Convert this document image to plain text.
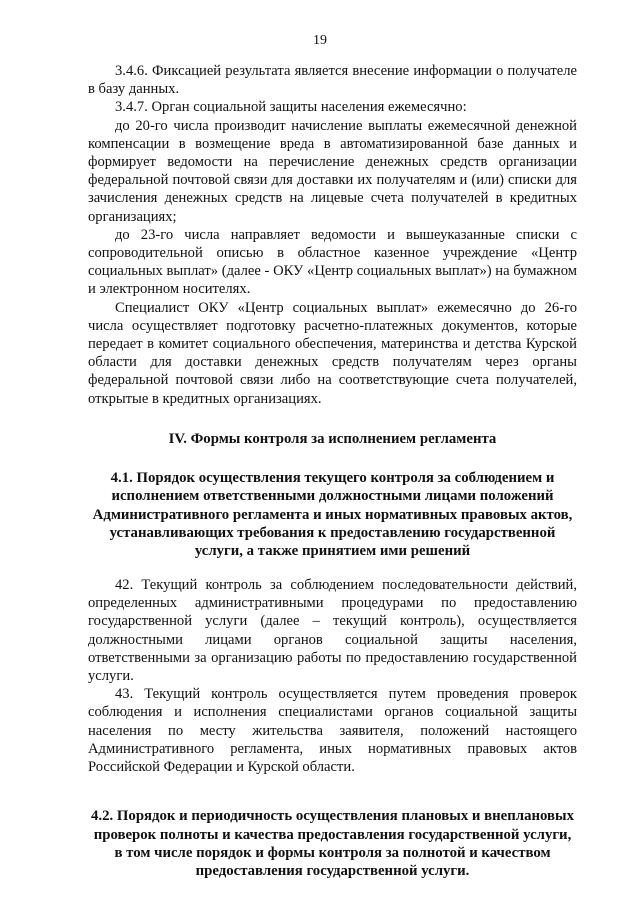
19

3.4.6. Фиксацией результата является внесение информации о получателе в базу данных.

3.4.7. Орган социальной защиты населения ежемесячно:

до 20-го числа производит начисление выплаты ежемесячной денежной компенсации в возмещение вреда в автоматизированной базе данных и формирует ведомости на перечисление денежных средств организации федеральной почтовой связи для доставки их получателям и (или) списки для зачисления денежных средств на лицевые счета получателей в кредитных организациях;

до 23-го числа направляет ведомости и вышеуказанные списки с сопроводительной описью в областное казенное учреждение «Центр социальных выплат» (далее - ОКУ «Центр социальных выплат») на бумажном и электронном носителях.

Специалист ОКУ «Центр социальных выплат» ежемесячно до 26-го числа осуществляет подготовку расчетно-платежных документов, которые передает в комитет социального обеспечения, материнства и детства Курской области для доставки денежных средств получателям через органы федеральной почтовой связи либо на соответствующие счета получателей, открытые в кредитных организациях.

IV. Формы контроля за исполнением регламента
4.1. Порядок осуществления текущего контроля за соблюдением и исполнением ответственными должностными лицами положений Административного регламента и иных нормативных правовых актов, устанавливающих требования к предоставлению государственной услуги, а также принятием ими решений

42. Текущий контроль за соблюдением последовательности действий, определенных административными процедурами по предоставлению государственной услуги (далее – текущий контроль), осуществляется должностными лицами органов социальной защиты населения, ответственными за организацию работы по предоставлению государственной услуги.

43. Текущий контроль осуществляется путем проведения проверок соблюдения и исполнения специалистами органов социальной защиты населения по месту жительства заявителя, положений настоящего Административного регламента, иных нормативных правовых актов Российской Федерации и Курской области.

4.2. Порядок и периодичность осуществления плановых и внеплановых проверок полноты и качества предоставления государственной услуги, в том числе порядок и формы контроля за полнотой и качеством предоставления государственной услуги.
